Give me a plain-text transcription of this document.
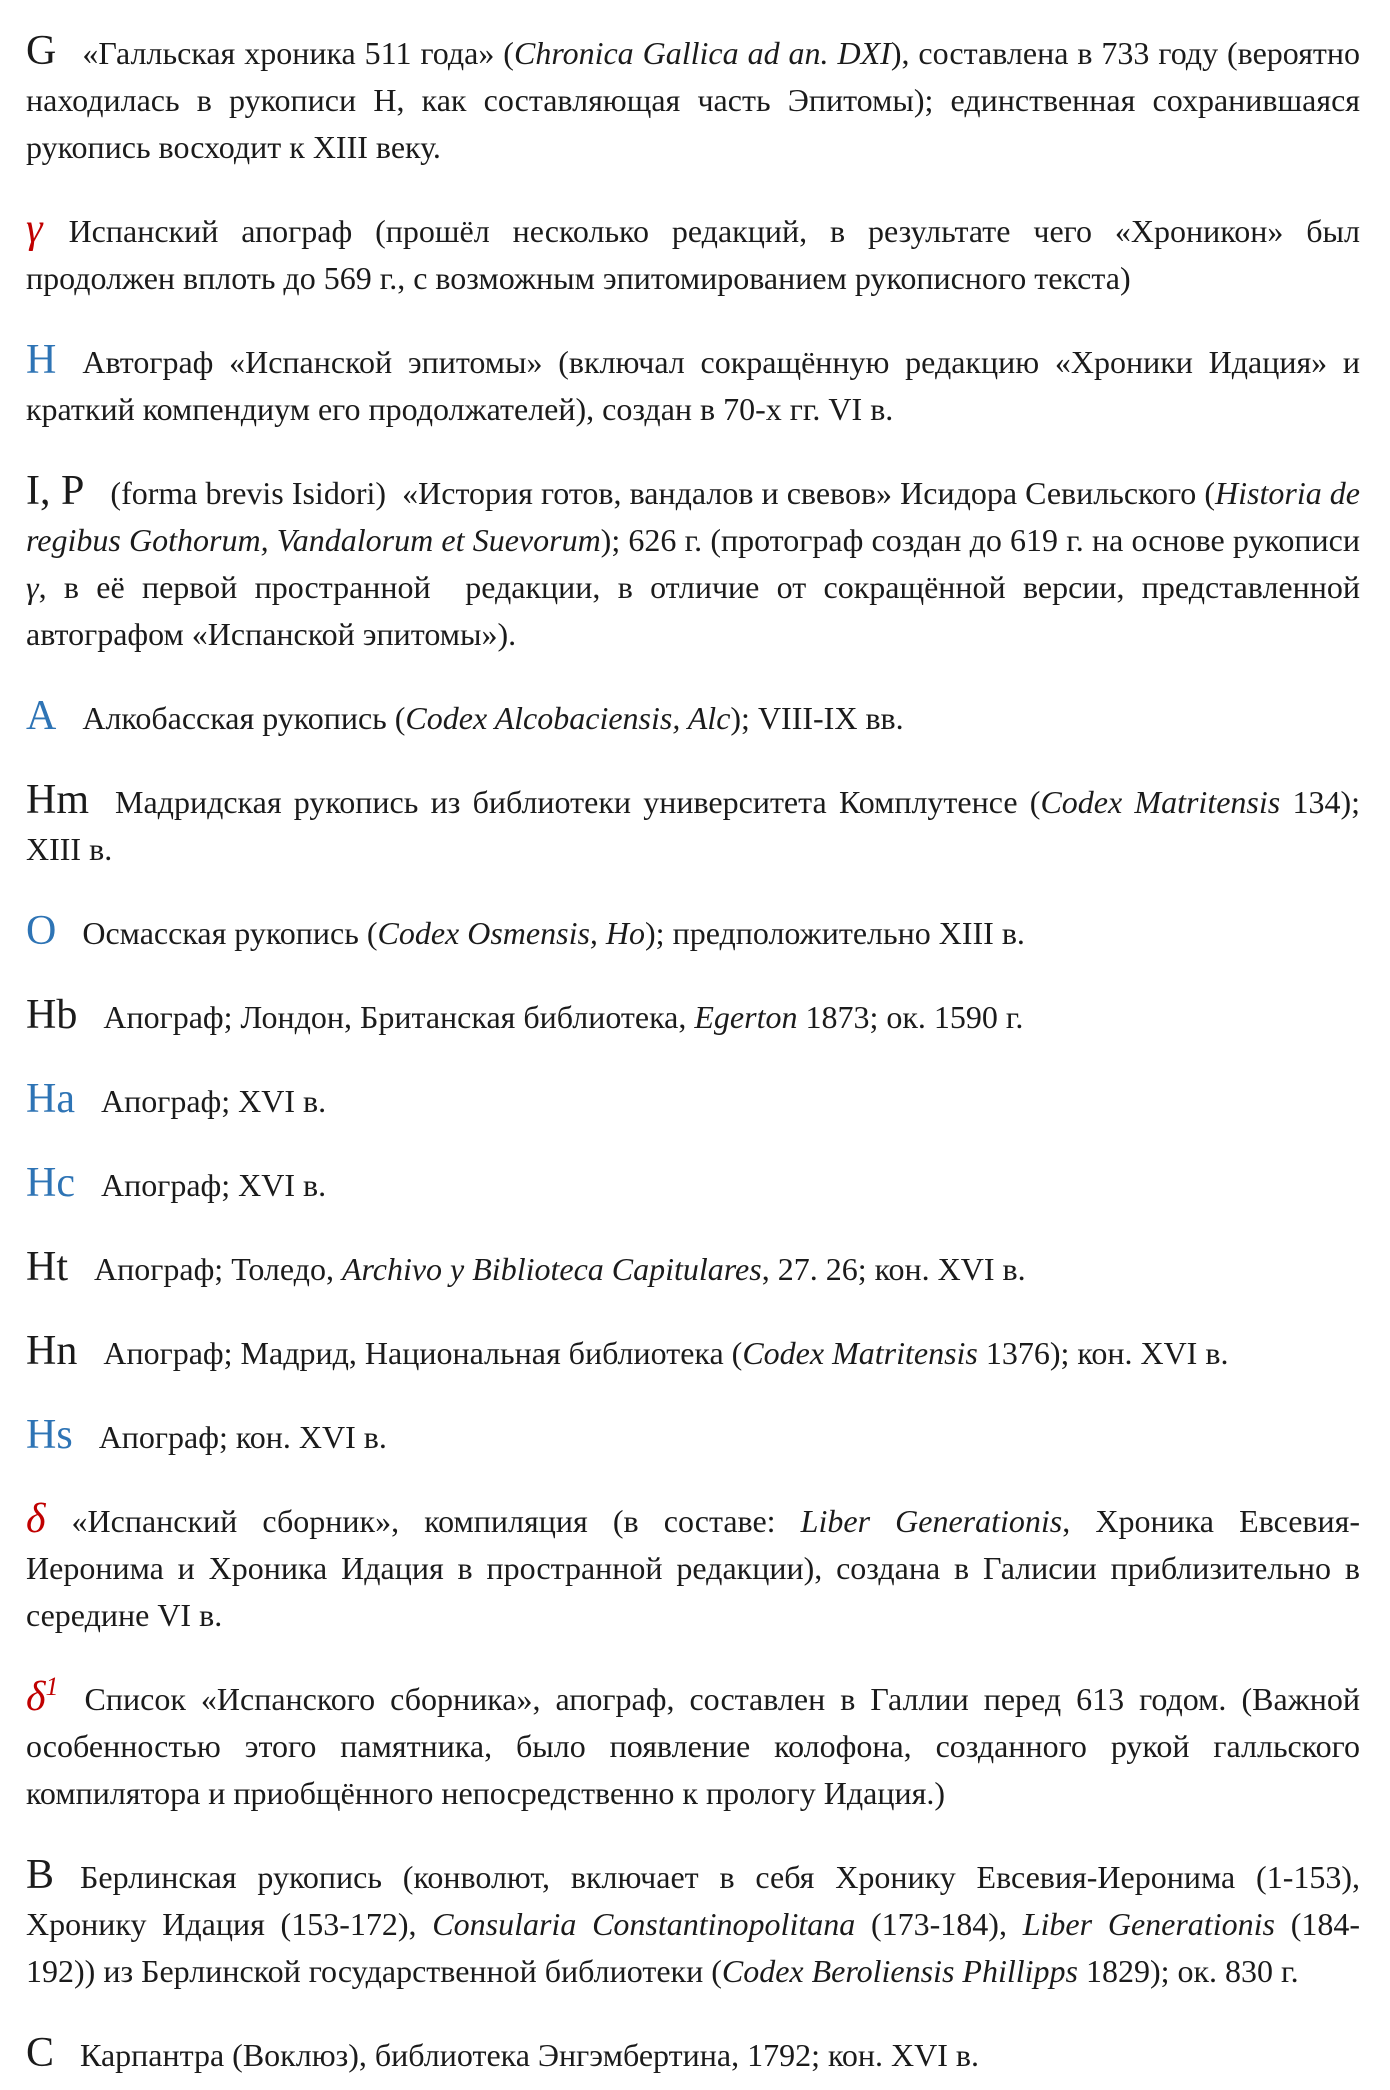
G «Галльская хроника 511 года» (Chronica Gallica ad an. DXI), составлена в 733 году (вероятно находилась в рукописи H, как составляющая часть Эпитомы); единственная сохранившаяся рукопись восходит к XIII веку.

γ Испанский апограф (прошёл несколько редакций, в результате чего «Хроникон» был продолжен вплоть до 569 г., с возможным эпитомированием рукописного текста)

H Автограф «Испанской эпитомы» (включал сокращённую редакцию «Хроники Идация» и краткий компендиум его продолжателей), создан в 70-х гг. VI в.

I, P (forma brevis Isidori)  «История готов, вандалов и свевов» Исидора Севильского (Historia de regibus Gothorum, Vandalorum et Suevorum); 626 г. (протограф создан до 619 г. на основе рукописи γ, в её первой пространной  редакции, в отличие от сокращённой версии, представленной автографом «Испанской эпитомы»).

A Алкобасская рукопись (Codex Alcobaciensis, Alc); VIII-IX вв.

Hm Мадридская рукопись из библиотеки университета Комплутенсе (Codex Matritensis 134); XIII в.

O Осмасская рукопись (Codex Osmensis, Ho); предположительно XIII в.

Hb Апограф; Лондон, Британская библиотека, Egerton 1873; ок. 1590 г.

Ha Апограф; XVI в.

Hc Апограф; XVI в.

Ht Апограф; Толедо, Archivo y Biblioteca Capitulares, 27. 26; кон. XVI в.

Hn Апограф; Мадрид, Национальная библиотека (Codex Matritensis 1376); кон. XVI в.

Hs Апограф; кон. XVI в.

δ «Испанский сборник», компиляция (в составе: Liber Generationis, Хроника Евсевия-Иеронима и Хроника Идация в пространной редакции), создана в Галисии приблизительно в середине VI в.

$\delta^1$ Список «Испанского сборника», апограф, составлен в Галлии перед 613 годом. (Важной особенностью этого памятника, было появление колофона, созданного рукой галльского компилятора и приобщённого непосредственно к прологу Идация.)

B Берлинская рукопись (конволют, включает в себя Хронику Евсевия-Иеронима (1-153), Хронику Идация (153-172), Consularia Constantinopolitana (173-184), Liber Generationis (184-192)) из Берлинской государственной библиотеки (Codex Beroliensis Phillipps 1829); ок. 830 г.

C Карпантра (Воклюз), библиотека Энгэмбертина, 1792; кон. XVI в.
